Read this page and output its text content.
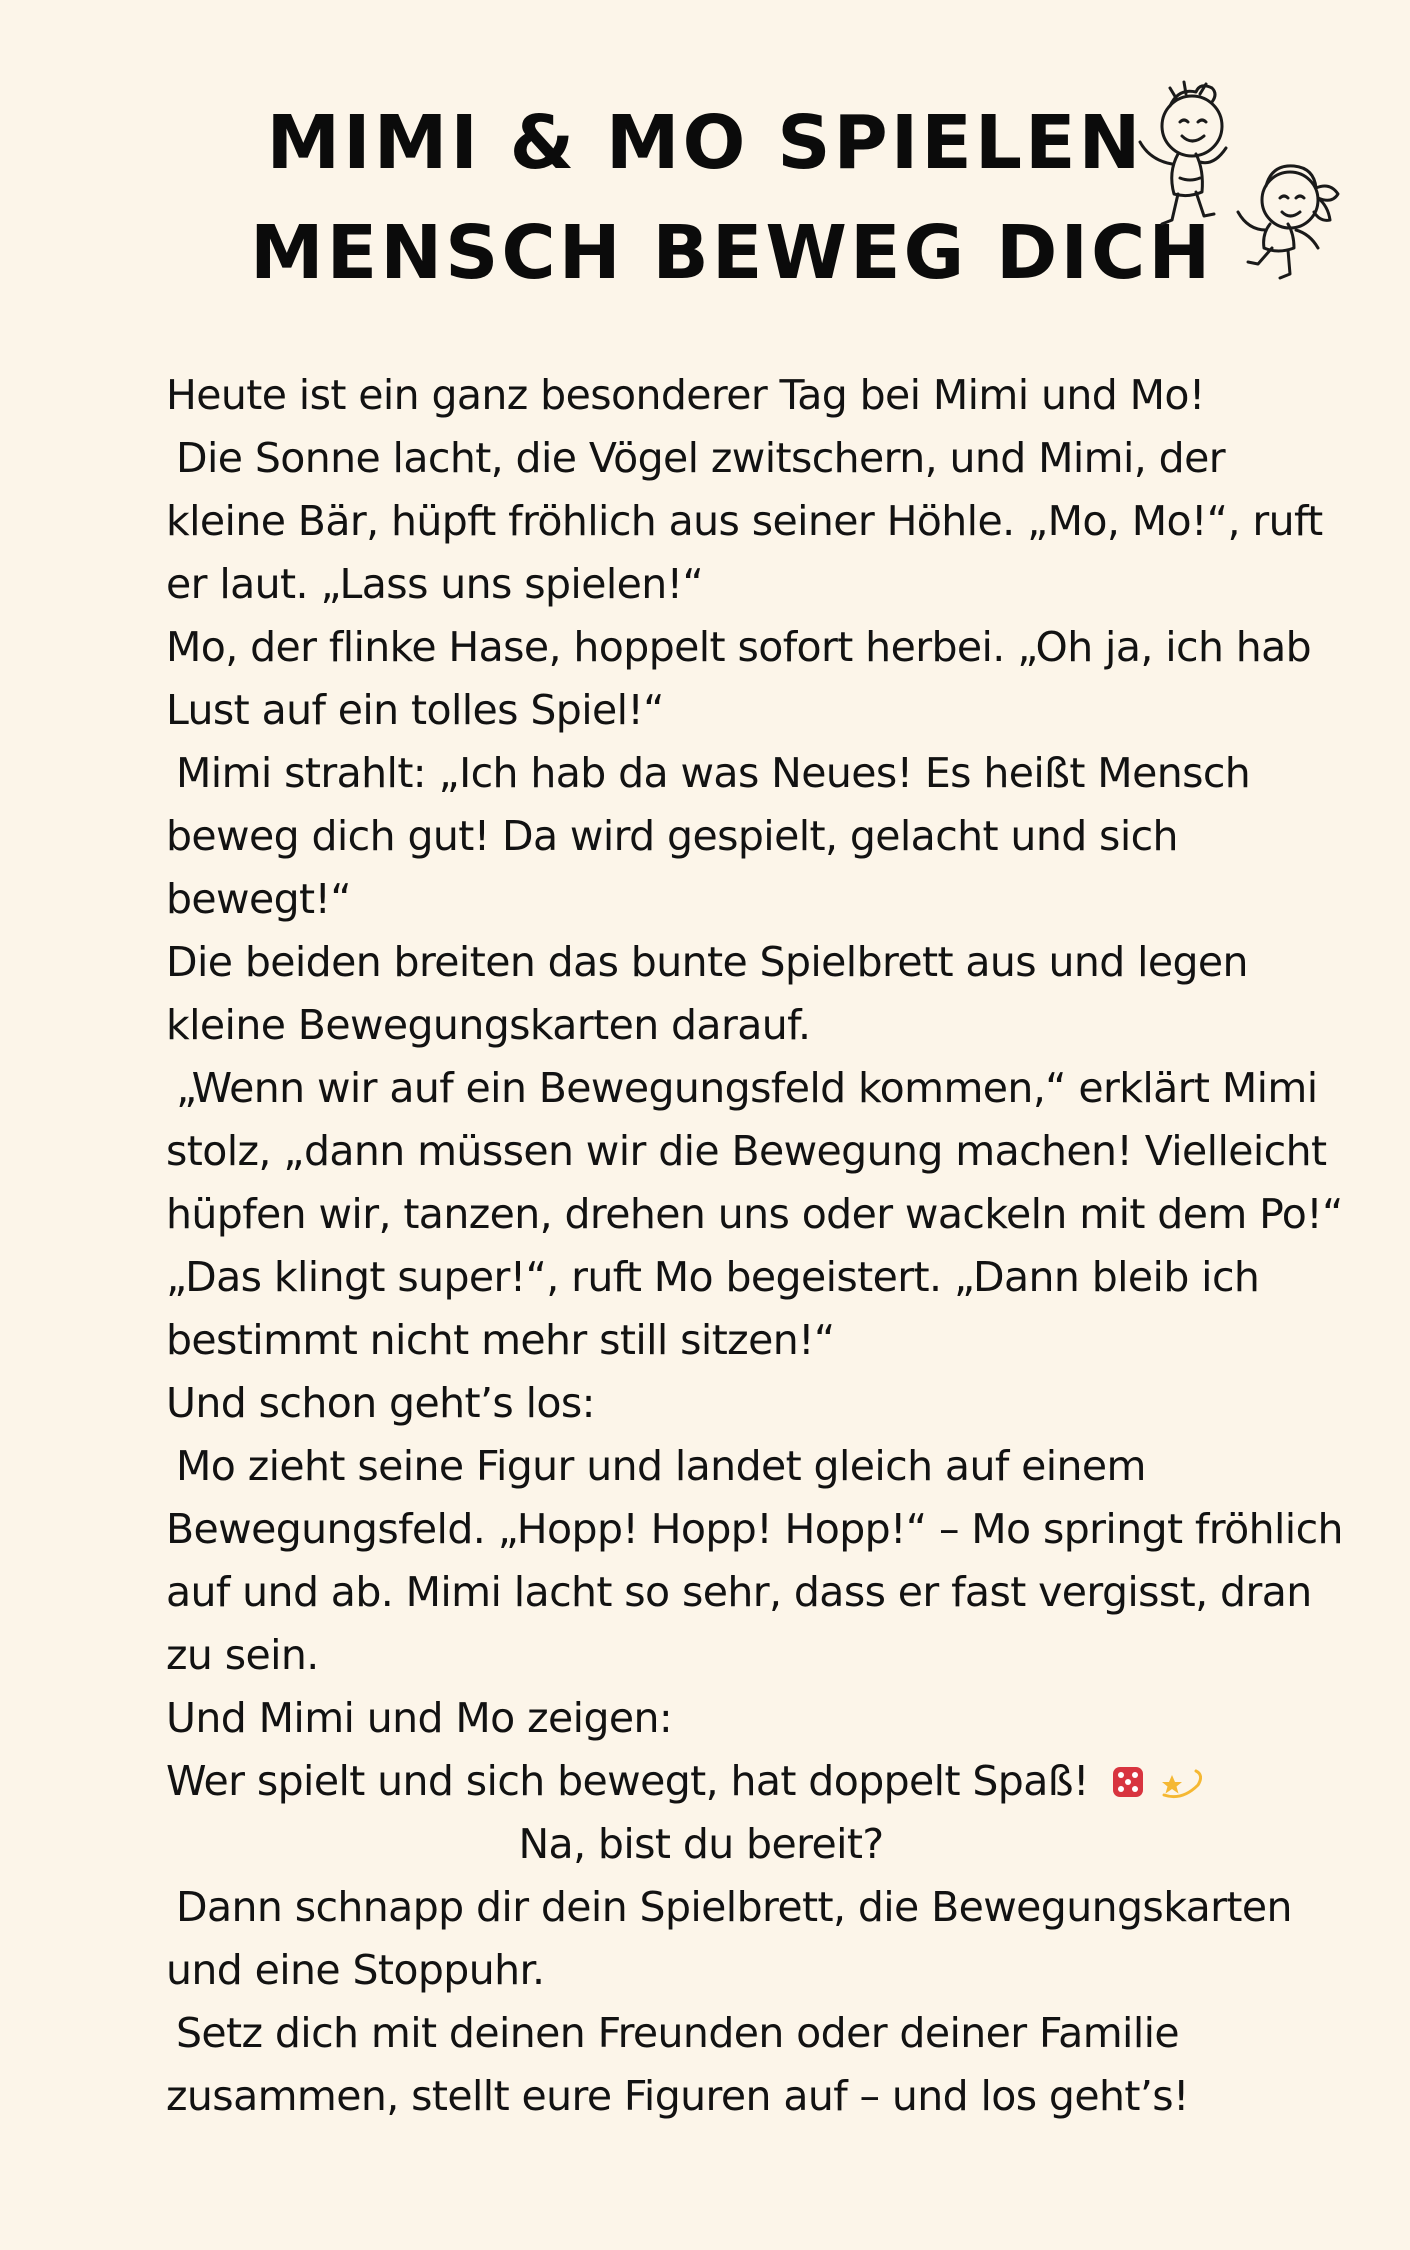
MIMI & MO SPIELEN
MENSCH BEWEG DICH
Heute ist ein ganz besonderer Tag bei Mimi und Mo!
Die Sonne lacht, die Vögel zwitschern, und Mimi, der
kleine Bär, hüpft fröhlich aus seiner Höhle. „Mo, Mo!“, ruft
er laut. „Lass uns spielen!“
Mo, der flinke Hase, hoppelt sofort herbei. „Oh ja, ich hab
Lust auf ein tolles Spiel!“
Mimi strahlt: „Ich hab da was Neues! Es heißt Mensch
beweg dich gut! Da wird gespielt, gelacht und sich
bewegt!“
Die beiden breiten das bunte Spielbrett aus und legen
kleine Bewegungskarten darauf.
„Wenn wir auf ein Bewegungsfeld kommen,“ erklärt Mimi
stolz, „dann müssen wir die Bewegung machen! Vielleicht
hüpfen wir, tanzen, drehen uns oder wackeln mit dem Po!“
„Das klingt super!“, ruft Mo begeistert. „Dann bleib ich
bestimmt nicht mehr still sitzen!“
Und schon geht’s los:
Mo zieht seine Figur und landet gleich auf einem
Bewegungsfeld. „Hopp! Hopp! Hopp!“ – Mo springt fröhlich
auf und ab. Mimi lacht so sehr, dass er fast vergisst, dran
zu sein.
Und Mimi und Mo zeigen:
Wer spielt und sich bewegt, hat doppelt Spaß!
Na, bist du bereit?
Dann schnapp dir dein Spielbrett, die Bewegungskarten
und eine Stoppuhr.
Setz dich mit deinen Freunden oder deiner Familie
zusammen, stellt eure Figuren auf – und los geht’s!
